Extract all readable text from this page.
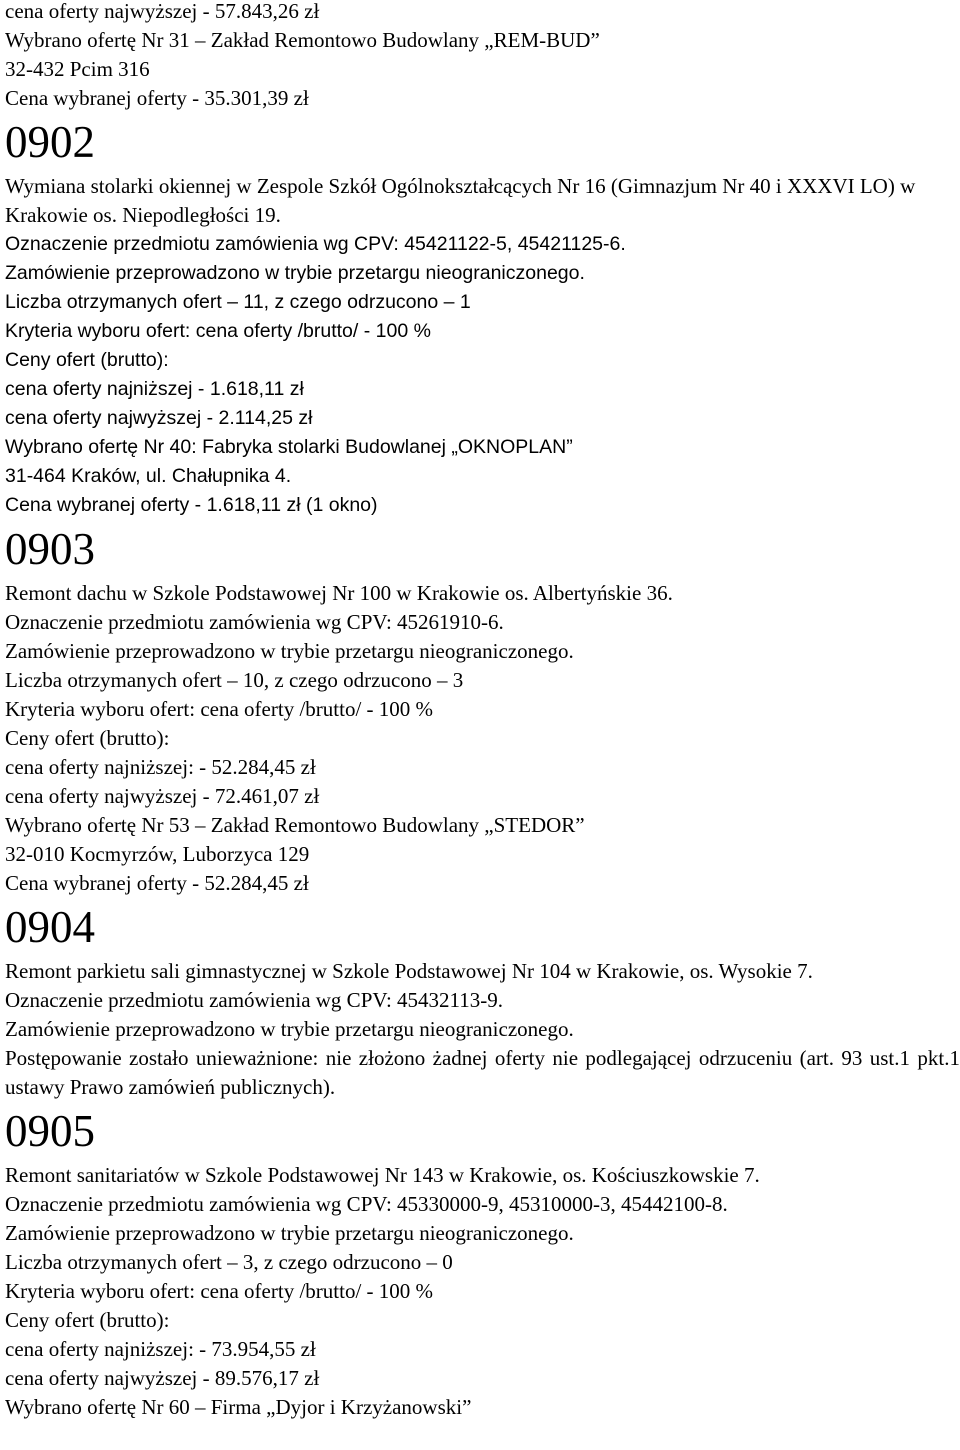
cena oferty najwyższej - 57.843,26 zł

Wybrano ofertę Nr 31 – Zakład Remontowo Budowlany „REM-BUD”

32-432 Pcim 316

Cena wybranej oferty - 35.301,39 zł

0902

Wymiana stolarki okiennej w Zespole Szkół Ogólnokształcących Nr 16 (Gimnazjum Nr 40 i XXXVI LO) w Krakowie os. Niepodległości 19.

Oznaczenie przedmiotu zamówienia wg CPV: 45421122-5, 45421125-6.

Zamówienie przeprowadzono w trybie przetargu nieograniczonego.

Liczba otrzymanych ofert – 11, z czego odrzucono – 1

Kryteria wyboru ofert: cena oferty /brutto/ - 100 %

Ceny ofert (brutto):

cena oferty najniższej - 1.618,11 zł

cena oferty najwyższej - 2.114,25 zł

Wybrano ofertę Nr 40: Fabryka stolarki Budowlanej „OKNOPLAN”

31-464 Kraków, ul. Chałupnika 4.

Cena wybranej oferty - 1.618,11 zł (1 okno)

0903

Remont dachu w Szkole Podstawowej Nr 100 w Krakowie os. Albertyńskie 36.

Oznaczenie przedmiotu zamówienia wg CPV: 45261910-6.

Zamówienie przeprowadzono w trybie przetargu nieograniczonego.

Liczba otrzymanych ofert – 10, z czego odrzucono – 3

Kryteria wyboru ofert: cena oferty /brutto/ - 100 %

Ceny ofert (brutto):

cena oferty najniższej: - 52.284,45 zł

cena oferty najwyższej - 72.461,07 zł

Wybrano ofertę Nr 53 – Zakład Remontowo Budowlany „STEDOR”

32-010 Kocmyrzów, Luborzyca 129

Cena wybranej oferty - 52.284,45 zł

0904

Remont parkietu sali gimnastycznej w Szkole Podstawowej Nr 104 w Krakowie, os. Wysokie 7.

Oznaczenie przedmiotu zamówienia wg CPV: 45432113-9.

Zamówienie przeprowadzono w trybie przetargu nieograniczonego.

Postępowanie zostało unieważnione: nie złożono żadnej oferty nie podlegającej odrzuceniu (art. 93 ust.1 pkt.1 ustawy Prawo zamówień publicznych).

0905

Remont sanitariatów w Szkole Podstawowej Nr 143 w Krakowie, os. Kościuszkowskie 7.

Oznaczenie przedmiotu zamówienia wg CPV: 45330000-9, 45310000-3, 45442100-8.

Zamówienie przeprowadzono w trybie przetargu nieograniczonego.

Liczba otrzymanych ofert – 3, z czego odrzucono – 0

Kryteria wyboru ofert: cena oferty /brutto/ - 100 %

Ceny ofert (brutto):

cena oferty najniższej: - 73.954,55 zł

cena oferty najwyższej - 89.576,17 zł

Wybrano ofertę Nr 60 – Firma „Dyjor i Krzyżanowski”
